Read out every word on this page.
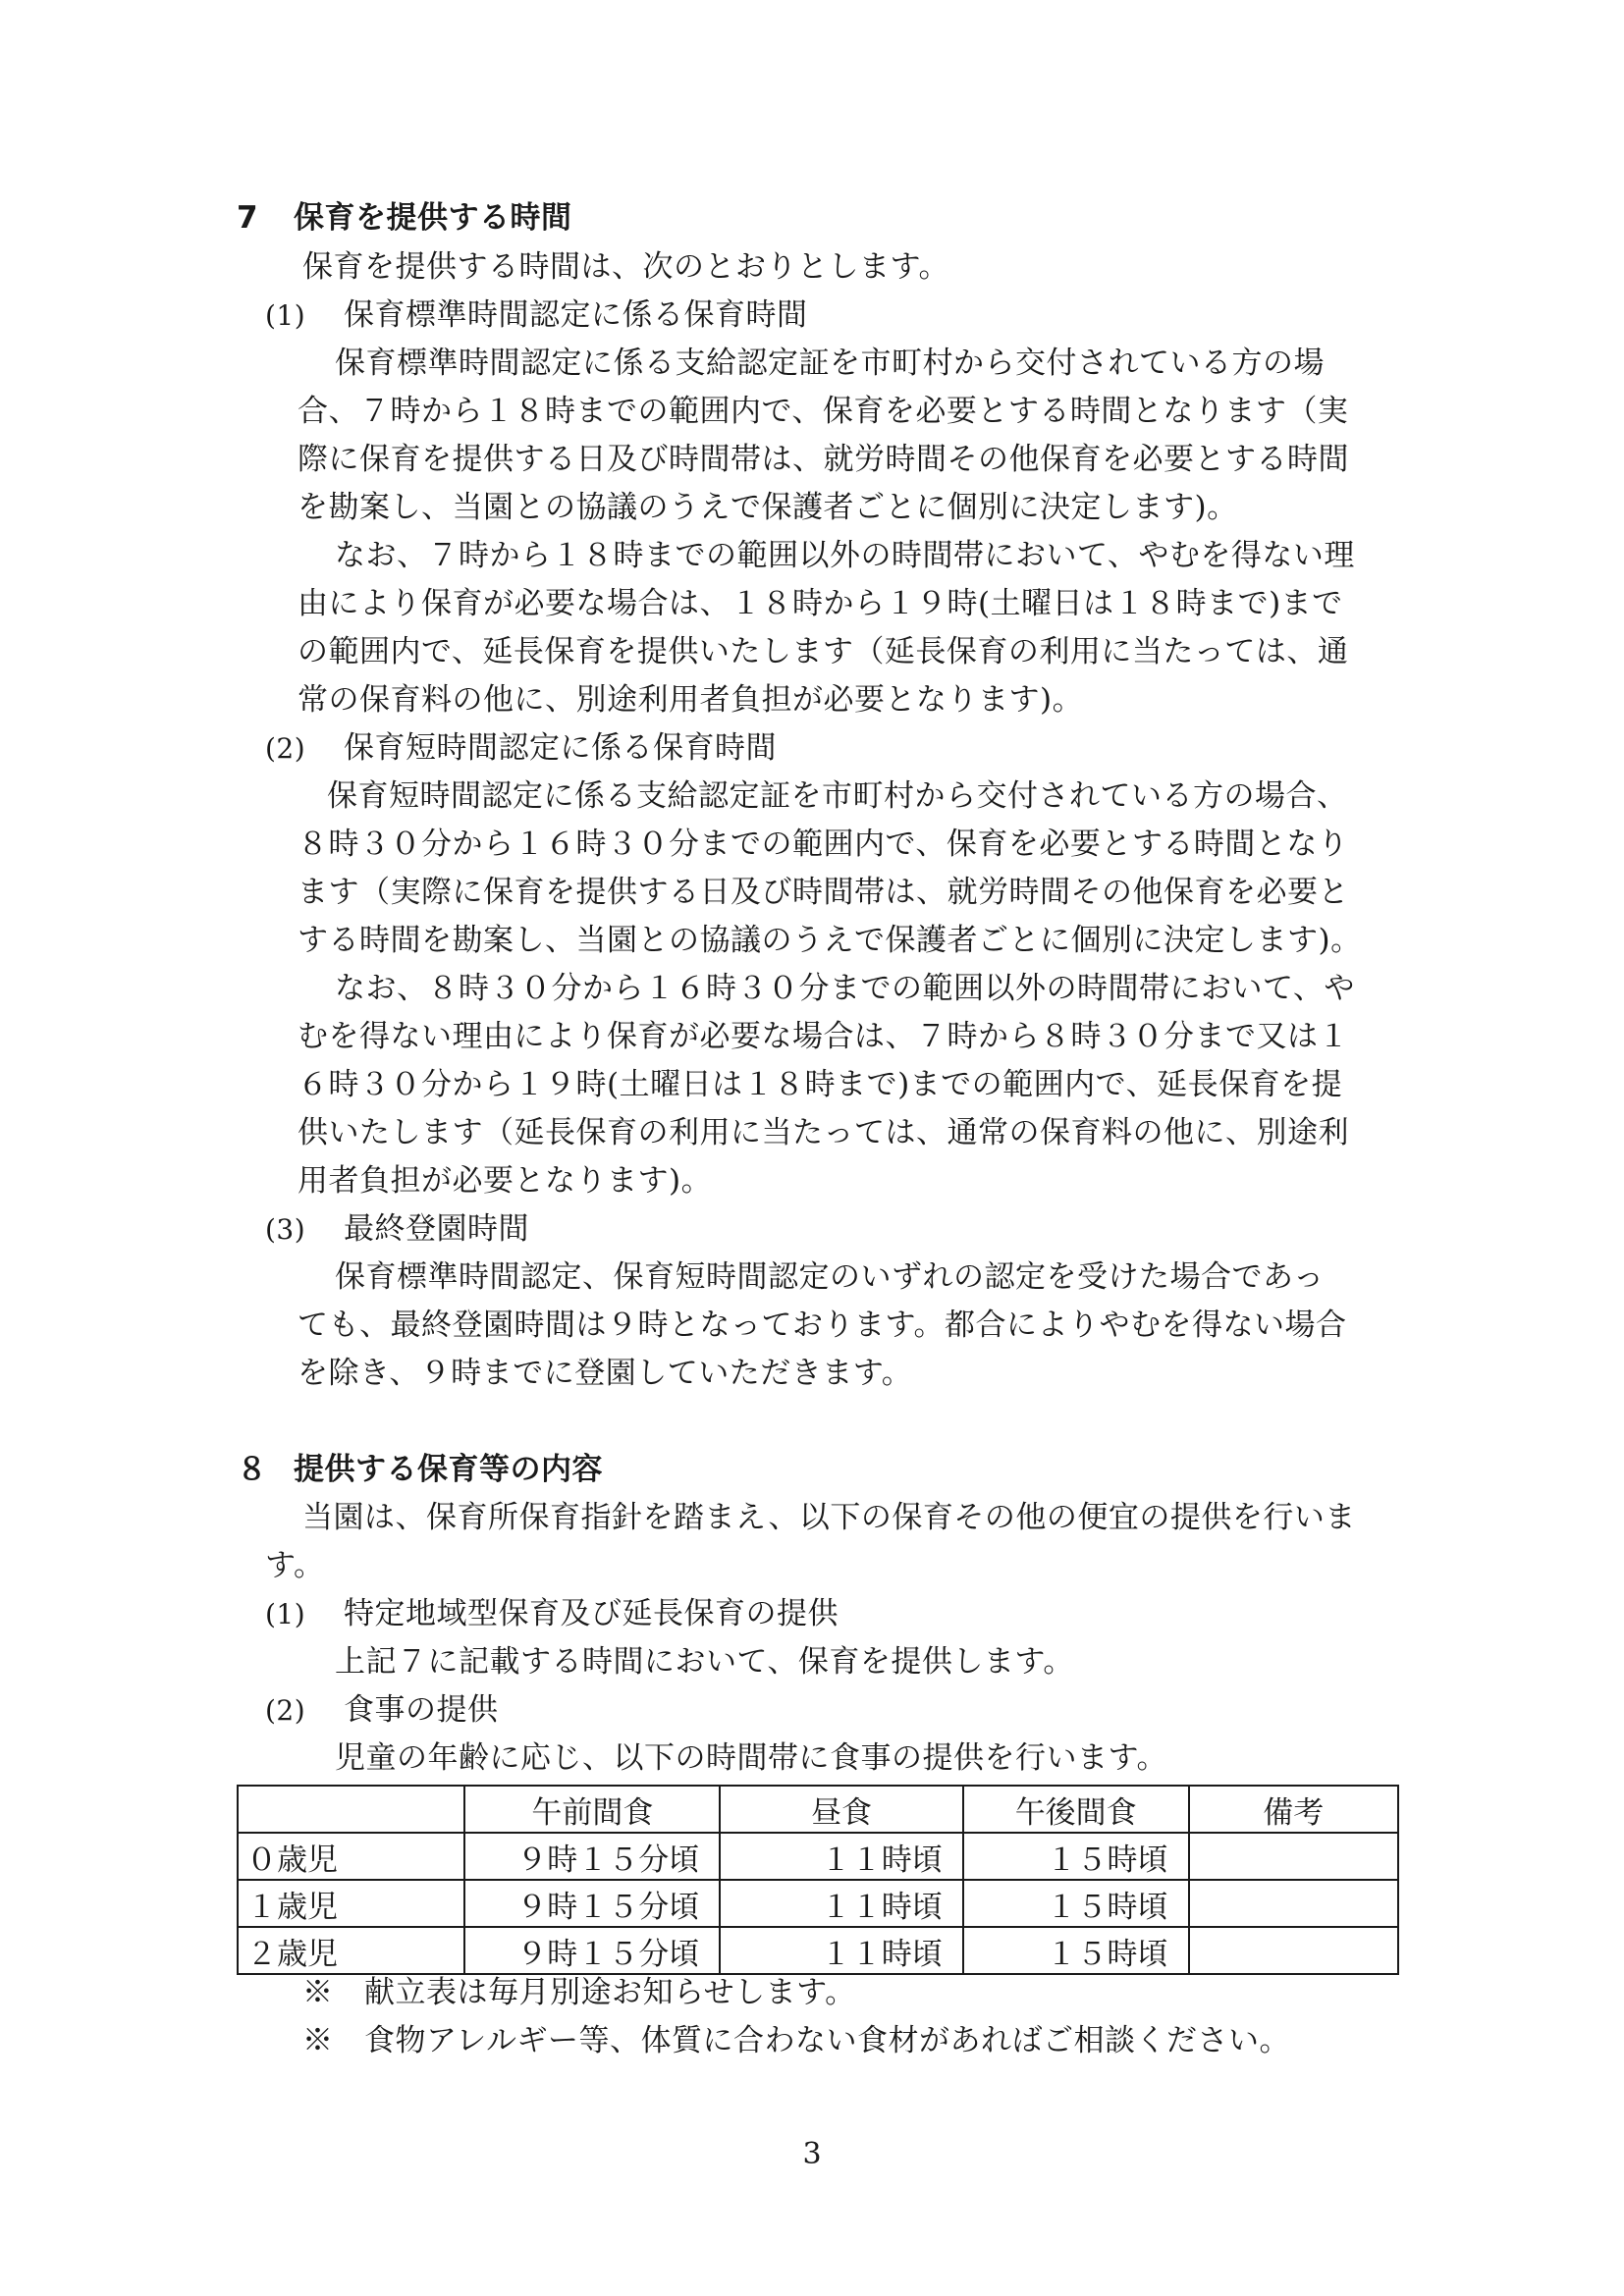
7 保育を提供する時間
保育を提供する時間は、次のとおりとします。
(1) 保育標準時間認定に係る保育時間
保育標準時間認定に係る支給認定証を市町村から交付されている方の場
合、７時から１８時までの範囲内で、保育を必要とする時間となります（実
際に保育を提供する日及び時間帯は、就労時間その他保育を必要とする時間
を勘案し、当園との協議のうえで保護者ごとに個別に決定します)。
なお、７時から１８時までの範囲以外の時間帯において、やむを得ない理
由により保育が必要な場合は、１８時から１９時(土曜日は１８時まで)まで
の範囲内で、延長保育を提供いたします（延長保育の利用に当たっては、通
常の保育料の他に、別途利用者負担が必要となります)。
(2) 保育短時間認定に係る保育時間
保育短時間認定に係る支給認定証を市町村から交付されている方の場合、
８時３０分から１６時３０分までの範囲内で、保育を必要とする時間となり
ます（実際に保育を提供する日及び時間帯は、就労時間その他保育を必要と
する時間を勘案し、当園との協議のうえで保護者ごとに個別に決定します)。
なお、８時３０分から１６時３０分までの範囲以外の時間帯において、や
むを得ない理由により保育が必要な場合は、７時から８時３０分まで又は１
６時３０分から１９時(土曜日は１８時まで)までの範囲内で、延長保育を提
供いたします（延長保育の利用に当たっては、通常の保育料の他に、別途利
用者負担が必要となります)。
(3) 最終登園時間
保育標準時間認定、保育短時間認定のいずれの認定を受けた場合であっ
ても、最終登園時間は９時となっております。都合によりやむを得ない場合
を除き、９時までに登園していただきます。
８ 提供する保育等の内容
当園は、保育所保育指針を踏まえ、以下の保育その他の便宜の提供を行いま
す。
(1) 特定地域型保育及び延長保育の提供
上記７に記載する時間において、保育を提供します。
(2) 食事の提供
児童の年齢に応じ、以下の時間帯に食事の提供を行います。
	午前間食	昼食	午後間食	備考
０歳児	９時１５分頃	１１時頃	１５時頃	
１歳児	９時１５分頃	１１時頃	１５時頃	
２歳児	９時１５分頃	１１時頃	１５時頃	
※　献立表は毎月別途お知らせします。
※　食物アレルギー等、体質に合わない食材があればご相談ください。
3
